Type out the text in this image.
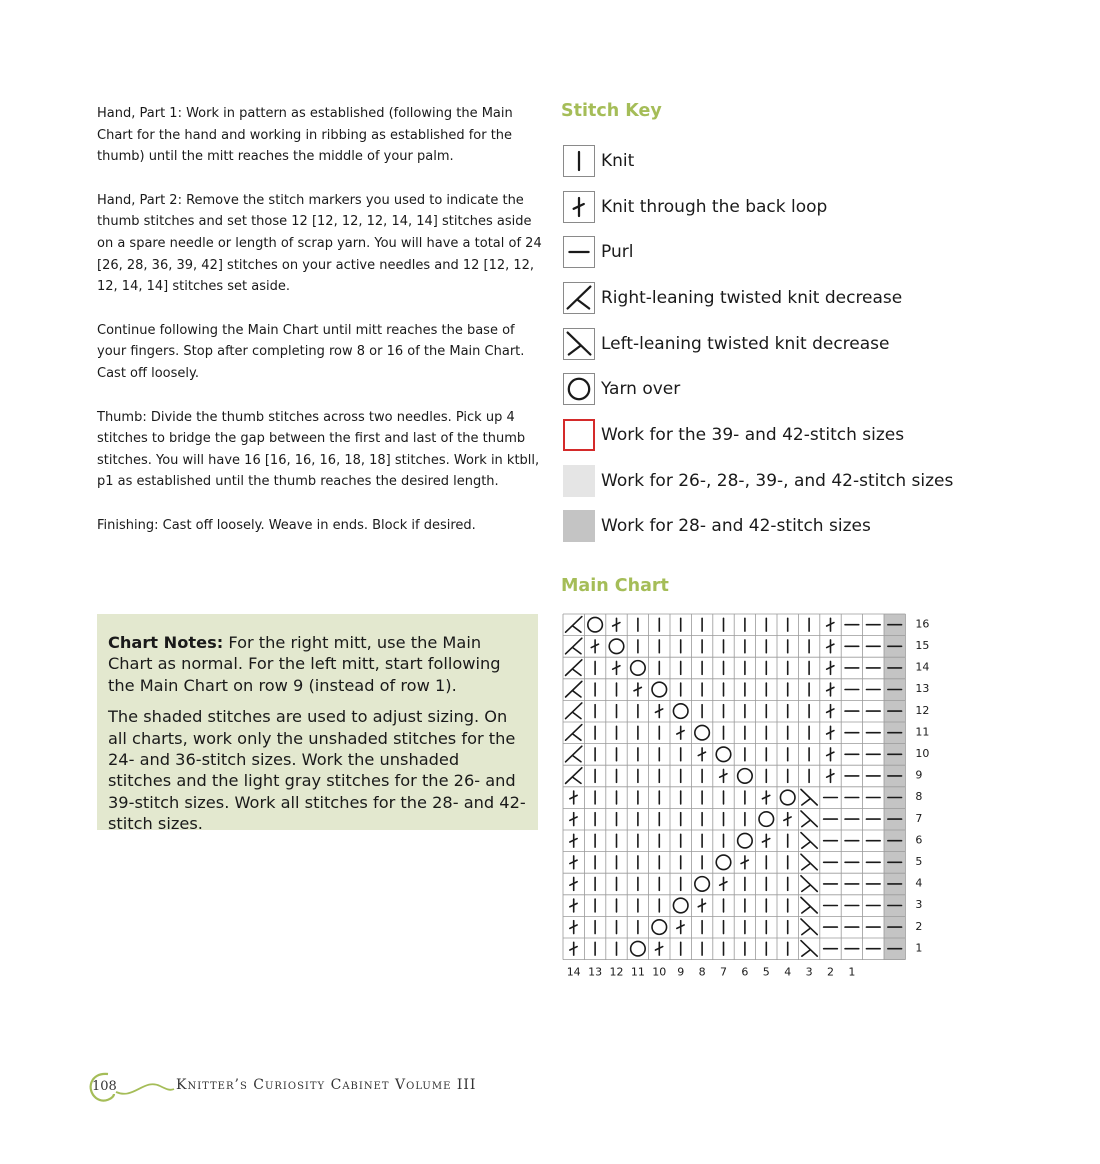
Hand, Part 1: Work in pattern as established (following the Main Chart for the hand and working in ribbing as established for the thumb) until the mitt reaches the middle of your palm.

Hand, Part 2: Remove the stitch markers you used to indicate the thumb stitches and set those 12 [12, 12, 12, 14, 14] stitches aside on a spare needle or length of scrap yarn. You will have a total of 24 [26, 28, 36, 39, 42] stitches on your active needles and 12 [12, 12, 12, 14, 14] stitches set aside.

Continue following the Main Chart until mitt reaches the base of your fingers. Stop after completing row 8 or 16 of the Main Chart. Cast off loosely.

Thumb: Divide the thumb stitches across two needles. Pick up 4 stitches to bridge the gap between the first and last of the thumb stitches. You will have 16 [16, 16, 16, 18, 18] stitches. Work in ktbll, p1 as established until the thumb reaches the desired length.

Finishing: Cast off loosely. Weave in ends. Block if desired.

Chart Notes: For the right mitt, use the Main Chart as normal. For the left mitt, start following the Main Chart on row 9 (instead of row 1).

The shaded stitches are used to adjust sizing. On all charts, work only the unshaded stitches for the 24- and 36-stitch sizes. Work the unshaded stitches and the light gray stitches for the 26- and 39-stitch sizes. Work all stitches for the 28- and 42-stitch sizes.

Stitch Key
Knit
Knit through the back loop
Purl
Right-leaning twisted knit decrease
Left-leaning twisted knit decrease
Yarn over
Work for the 39- and 42-stitch sizes
Work for 26-, 28-, 39-, and 42-stitch sizes
Work for 28- and 42-stitch sizes
Main Chart
16
15
14
13
12
11
10
9
8
7
6
5
4
3
2
1
14 13 12 11 10 9 8 7 6 5 4 3 2 1
108	Knitter’s Curiosity Cabinet Volume III
